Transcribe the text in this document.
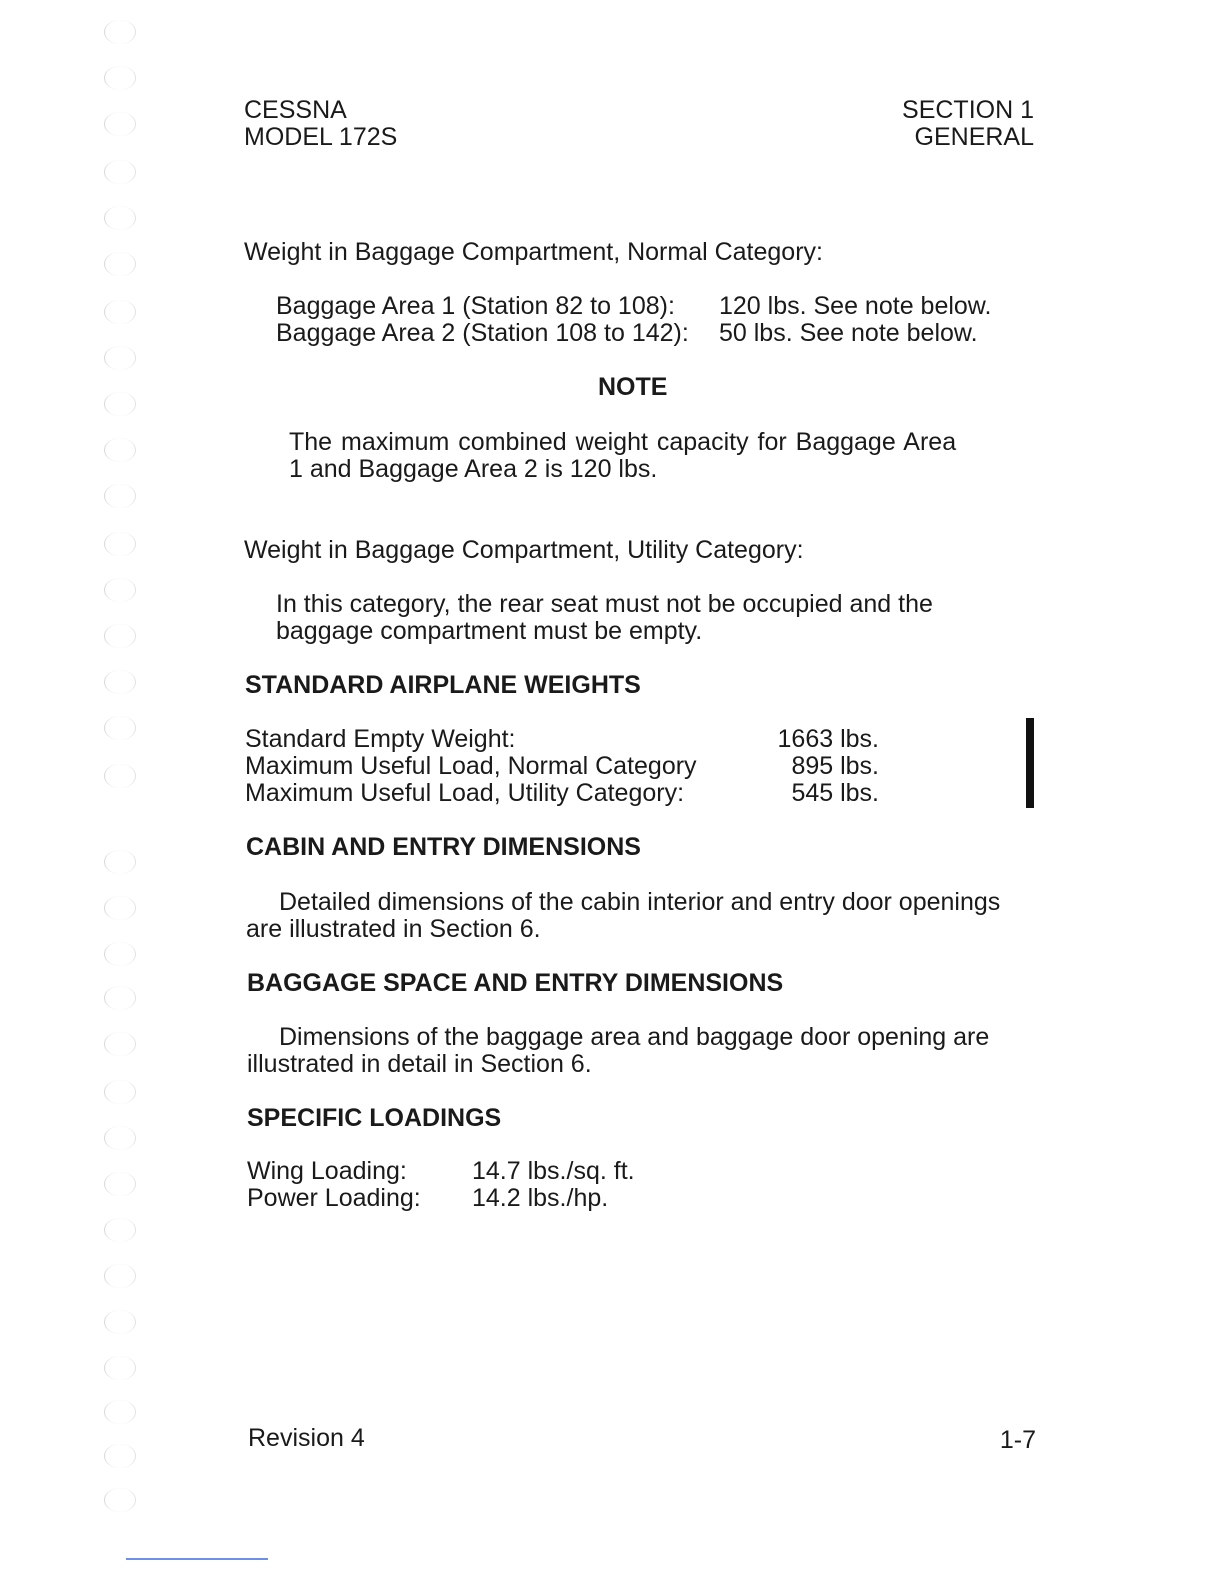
CESSNA
MODEL 172S
SECTION 1
GENERAL
Weight in Baggage Compartment, Normal Category:
Baggage Area 1 (Station 82 to 108): 120 lbs. See note below.
Baggage Area 2 (Station 108 to 142): 50 lbs. See note below.
NOTE
The maximum combined weight capacity for Baggage Area
1 and Baggage Area 2 is 120 lbs.
Weight in Baggage Compartment, Utility Category:
In this category, the rear seat must not be occupied and the
baggage compartment must be empty.
STANDARD AIRPLANE WEIGHTS
Standard Empty Weight:	1663 lbs.
Maximum Useful Load, Normal Category	895 lbs.
Maximum Useful Load, Utility Category:	545 lbs.
CABIN AND ENTRY DIMENSIONS
Detailed dimensions of the cabin interior and entry door openings
are illustrated in Section 6.
BAGGAGE SPACE AND ENTRY DIMENSIONS
Dimensions of the baggage area and baggage door opening are
illustrated in detail in Section 6.
SPECIFIC LOADINGS
Wing Loading:	14.7 lbs./sq. ft.
Power Loading: 14.2 lbs./hp.
Revision 4	1-7
